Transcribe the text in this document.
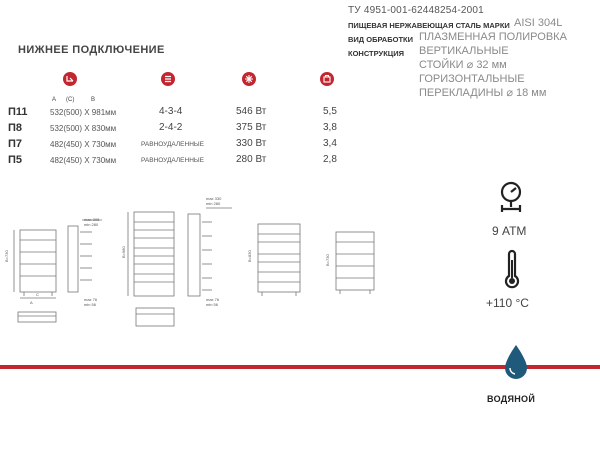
ТУ 4951-001-62448254-2001
ПИЩЕВАЯ НЕРЖАВЕЮЩАЯ СТАЛЬ МАРКИ AISI 304L
ВИД ОБРАБОТКИ ПЛАЗМЕННАЯ ПОЛИРОВКА
КОНСТРУКЦИЯ ВЕРТИКАЛЬНЫЕ
СТОЙКИ ⌀ 32 мм
ГОРИЗОНТАЛЬНЫЕ
ПЕРЕКЛАДИНЫ ⌀ 18 мм
НИЖНЕЕ ПОДКЛЮЧЕНИЕ
A (C)	B
П11	532(500) X 981мм	4-3-4	546 Вт	5,5
П8	532(500) X 830мм	2-4-2	375 Вт	3,8
П7	482(450) X 730мм	РАВНОУДАЛЕННЫЕ	330 Вт	3,4
П5	482(450) X 730мм	РАВНОУДАЛЕННЫЕ	280 Вт	2,8
max 305
min 280
max 76
min 56
B=730
A
C
max 330
min 280
max 76
min 56
B=980	B=830	B=730
9 АТМ
+110 °C
ВОДЯНОЙ
